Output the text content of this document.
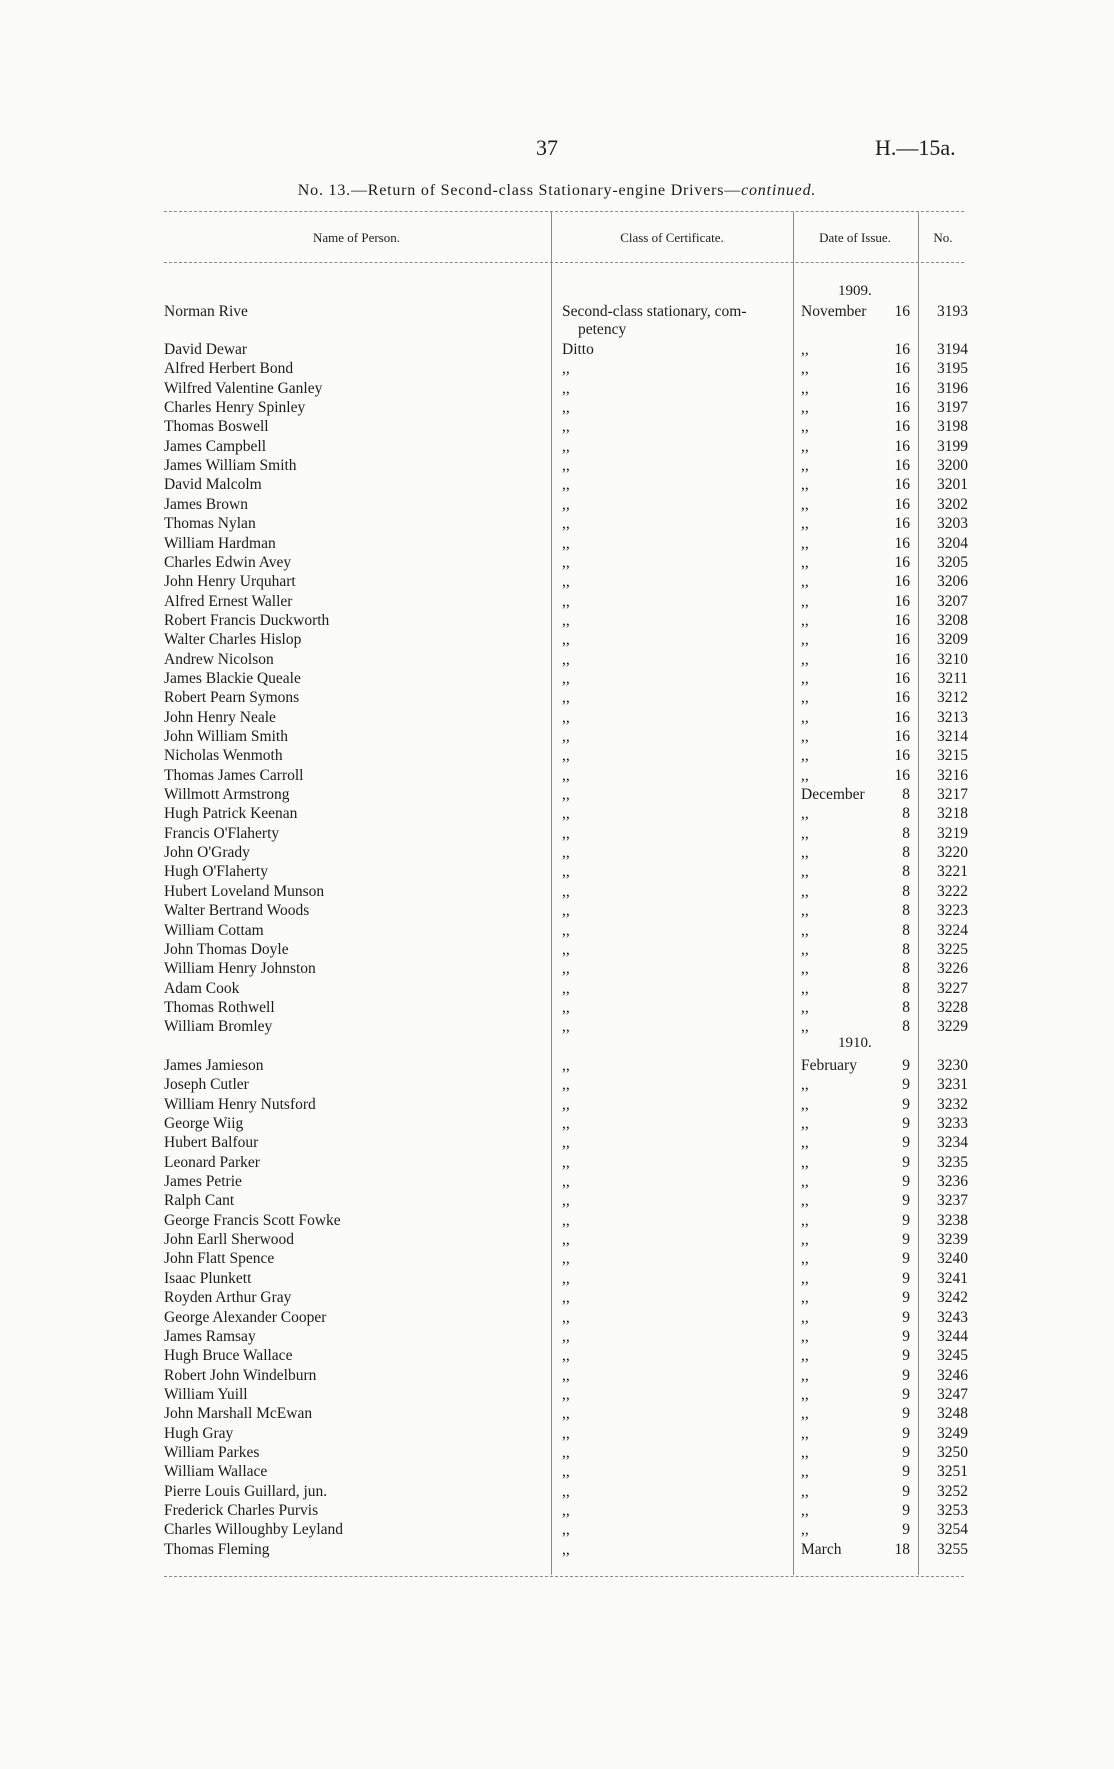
37	H.—15a.
No. 13.—Return of Second-class Stationary-engine Drivers—continued.
Name of Person.	Class of Certificate.	Date of Issue.	No.
1909.
Norman Rive	Second-class stationary, com-	November	16	3193
petency
David Dewar	Ditto	,,	16	3194
Alfred Herbert Bond	,,	,,	16	3195
Wilfred Valentine Ganley	,,	,,	16	3196
Charles Henry Spinley	,,	,,	16	3197
Thomas Boswell	,,	,,	16	3198
James Campbell	,,	,,	16	3199
James William Smith	,,	,,	16	3200
David Malcolm	,,	,,	16	3201
James Brown	,,	,,	16	3202
Thomas Nylan	,,	,,	16	3203
William Hardman	,,	,,	16	3204
Charles Edwin Avey	,,	,,	16	3205
John Henry Urquhart	,,	,,	16	3206
Alfred Ernest Waller	,,	,,	16	3207
Robert Francis Duckworth	,,	,,	16	3208
Walter Charles Hislop	,,	,,	16	3209
Andrew Nicolson	,,	,,	16	3210
James Blackie Queale	,,	,,	16	3211
Robert Pearn Symons	,,	,,	16	3212
John Henry Neale	,,	,,	16	3213
John William Smith	,,	,,	16	3214
Nicholas Wenmoth	,,	,,	16	3215
Thomas James Carroll	,,	,,	16	3216
Willmott Armstrong	,,	December	8	3217
Hugh Patrick Keenan	,,	,,	8	3218
Francis O'Flaherty	,,	,,	8	3219
John O'Grady	,,	,,	8	3220
Hugh O'Flaherty	,,	,,	8	3221
Hubert Loveland Munson	,,	,,	8	3222
Walter Bertrand Woods	,,	,,	8	3223
William Cottam	,,	,,	8	3224
John Thomas Doyle	,,	,,	8	3225
William Henry Johnston	,,	,,	8	3226
Adam Cook	,,	,,	8	3227
Thomas Rothwell	,,	,,	8	3228
William Bromley	,,	,,	8	3229
James Jamieson	,,	February	9	3230
Joseph Cutler	,,	,,	9	3231
William Henry Nutsford	,,	,,	9	3232
George Wiig	,,	,,	9	3233
Hubert Balfour	,,	,,	9	3234
Leonard Parker	,,	,,	9	3235
James Petrie	,,	,,	9	3236
Ralph Cant	,,	,,	9	3237
George Francis Scott Fowke	,,	,,	9	3238
John Earll Sherwood	,,	,,	9	3239
John Flatt Spence	,,	,,	9	3240
Isaac Plunkett	,,	,,	9	3241
Royden Arthur Gray	,,	,,	9	3242
George Alexander Cooper	,,	,,	9	3243
James Ramsay	,,	,,	9	3244
Hugh Bruce Wallace	,,	,,	9	3245
Robert John Windelburn	,,	,,	9	3246
William Yuill	,,	,,	9	3247
John Marshall McEwan	,,	,,	9	3248
Hugh Gray	,,	,,	9	3249
William Parkes	,,	,,	9	3250
William Wallace	,,	,,	9	3251
Pierre Louis Guillard, jun.	,,	,,	9	3252
Frederick Charles Purvis	,,	,,	9	3253
Charles Willoughby Leyland	,,	,,	9	3254
Thomas Fleming	,,	March	18	3255
1910.
